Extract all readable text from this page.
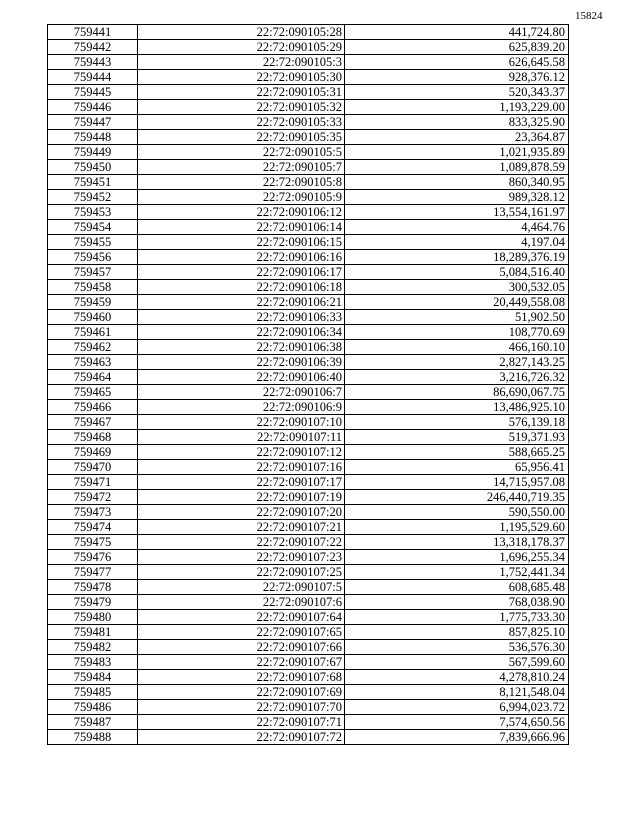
15824
759441	22:72:090105:28	441,724.80
759442	22:72:090105:29	625,839.20
759443	22:72:090105:3	626,645.58
759444	22:72:090105:30	928,376.12
759445	22:72:090105:31	520,343.37
759446	22:72:090105:32	1,193,229.00
759447	22:72:090105:33	833,325.90
759448	22:72:090105:35	23,364.87
759449	22:72:090105:5	1,021,935.89
759450	22:72:090105:7	1,089,878.59
759451	22:72:090105:8	860,340.95
759452	22:72:090105:9	989,328.12
759453	22:72:090106:12	13,554,161.97
759454	22:72:090106:14	4,464.76
759455	22:72:090106:15	4,197.04
759456	22:72:090106:16	18,289,376.19
759457	22:72:090106:17	5,084,516.40
759458	22:72:090106:18	300,532.05
759459	22:72:090106:21	20,449,558.08
759460	22:72:090106:33	51,902.50
759461	22:72:090106:34	108,770.69
759462	22:72:090106:38	466,160.10
759463	22:72:090106:39	2,827,143.25
759464	22:72:090106:40	3,216,726.32
759465	22:72:090106:7	86,690,067.75
759466	22:72:090106:9	13,486,925.10
759467	22:72:090107:10	576,139.18
759468	22:72:090107:11	519,371.93
759469	22:72:090107:12	588,665.25
759470	22:72:090107:16	65,956.41
759471	22:72:090107:17	14,715,957.08
759472	22:72:090107:19	246,440,719.35
759473	22:72:090107:20	590,550.00
759474	22:72:090107:21	1,195,529.60
759475	22:72:090107:22	13,318,178.37
759476	22:72:090107:23	1,696,255.34
759477	22:72:090107:25	1,752,441.34
759478	22:72:090107:5	608,685.48
759479	22:72:090107:6	768,038.90
759480	22:72:090107:64	1,775,733.30
759481	22:72:090107:65	857,825.10
759482	22:72:090107:66	536,576.30
759483	22:72:090107:67	567,599.60
759484	22:72:090107:68	4,278,810.24
759485	22:72:090107:69	8,121,548.04
759486	22:72:090107:70	6,994,023.72
759487	22:72:090107:71	7,574,650.56
759488	22:72:090107:72	7,839,666.96
